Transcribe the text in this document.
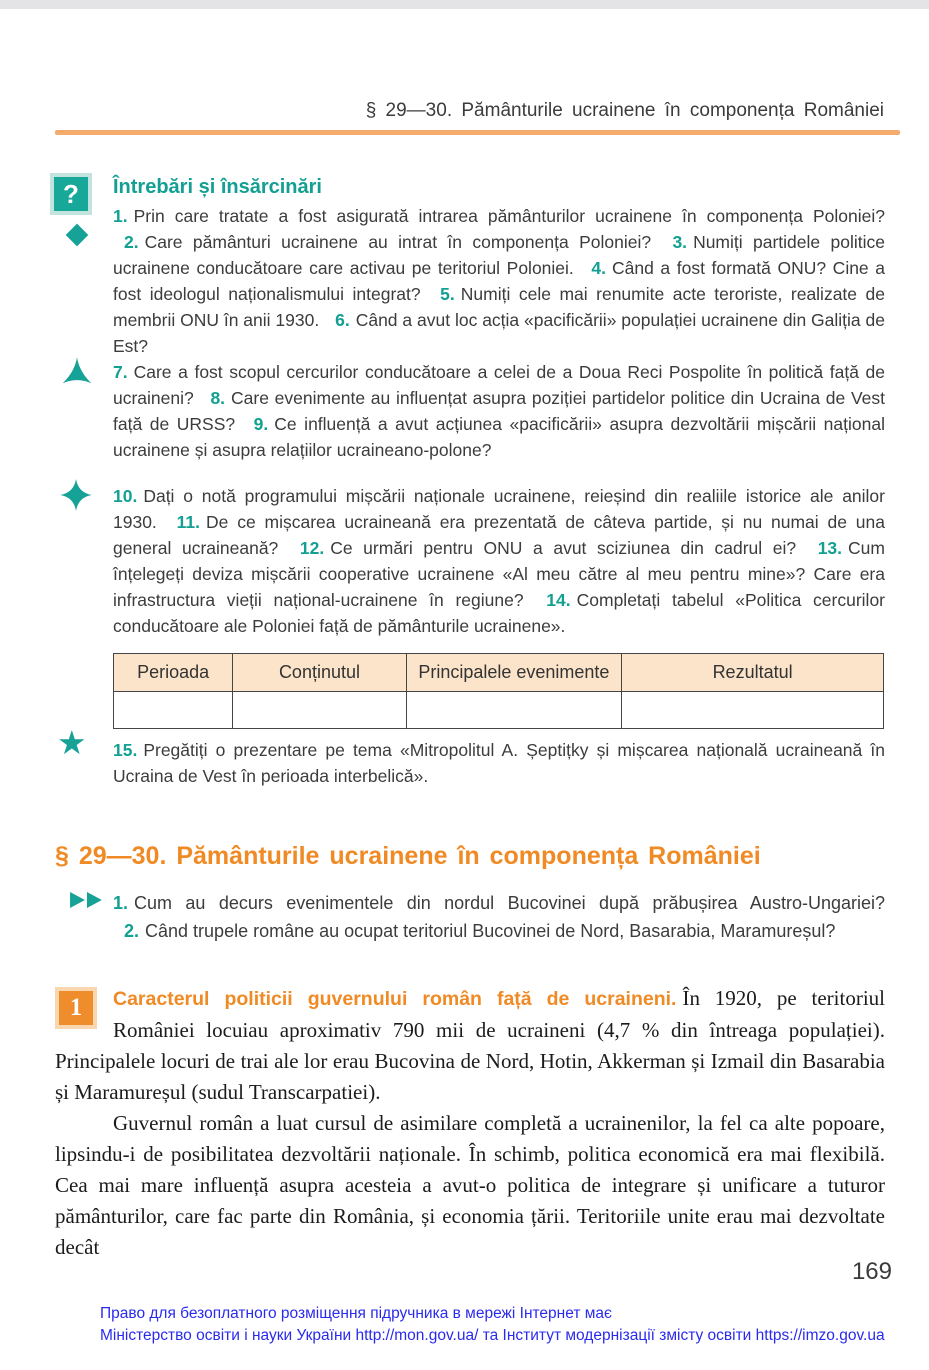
§ 29—30. Pământurile ucrainene în componența României
?
★
Întrebări și însărcinări
1. Prin care tratate a fost asigurată intrarea pământurilor ucrainene în componența Poloniei? 2. Care pământuri ucrainene au intrat în componența Poloniei? 3. Numiți partidele politice ucrainene conducătoare care activau pe teritoriul Poloniei. 4. Când a fost formată ONU? Cine a fost ideologul naționalismului integrat? 5. Numiți cele mai renumite acte teroriste, realizate de membrii ONU în anii 1930. 6. Când a avut loc acția «pacificării» populației ucrainene din Galiția de Est?
7. Care a fost scopul cercurilor conducătoare a celei de a Doua Reci Pospolite în politică față de ucraineni? 8. Care evenimente au influențat asupra poziției partidelor politice din Ucraina de Vest față de URSS? 9. Ce influență a avut acțiunea «pacificării» asupra dezvoltării mișcării național ucrainene și asupra relațiilor ucraineano-polone?
10. Dați o notă programului mișcării naționale ucrainene, reieșind din realiile istorice ale anilor 1930. 11. De ce mișcarea ucraineană era prezentată de câteva partide, și nu numai de una general ucraineană? 12. Ce urmări pentru ONU a avut sciziunea din cadrul ei? 13. Cum înțelegeți deviza mișcării cooperative ucrainene «Al meu către al meu pentru mine»? Care era infrastructura vieții național-ucrainene în regiune? 14. Completați tabelul «Politica cercurilor conducătoare ale Poloniei față de pământurile ucrainene».
Perioada	Conținutul	Principalele evenimente	Rezultatul

15. Pregătiți o prezentare pe tema «Mitropolitul A. Șeptițky și mișcarea națională ucraineană în Ucraina de Vest în perioada interbelică».
§ 29—30. Pământurile ucrainene în componența României
1. Cum au decurs evenimentele din nordul Bucovinei după prăbușirea Austro-Ungariei? 2. Când trupele române au ocupat teritoriul Bucovinei de Nord, Basarabia, Maramureșul?

1	Caracterul politicii guvernului român față de ucraineni. În 1920, pe teritoriul României locuiau aproximativ 790 mii de ucraineni (4,7 % din întreaga populației). Principalele locuri de trai ale lor erau Bucovina de Nord, Hotin, Akkerman și Izmail din Basarabia și Maramureșul (sudul Transcarpatiei).

Guvernul român a luat cursul de asimilare completă a ucrainenilor, la fel ca alte popoare, lipsindu-i de posibilitatea dezvoltării naționale. În schimb, politica economică era mai flexibilă. Cea mai mare influență asupra acesteia a avut-o politica de integrare și unificare a tuturor pământurilor, care fac parte din România, și economia țării. Teritoriile unite erau mai dezvoltate decât

169
Право для безоплатного розміщення підручника в мережі Інтернет має
Міністерство освіти і науки України http://mon.gov.ua/ та Інститут модернізації змісту освіти https://imzo.gov.ua
